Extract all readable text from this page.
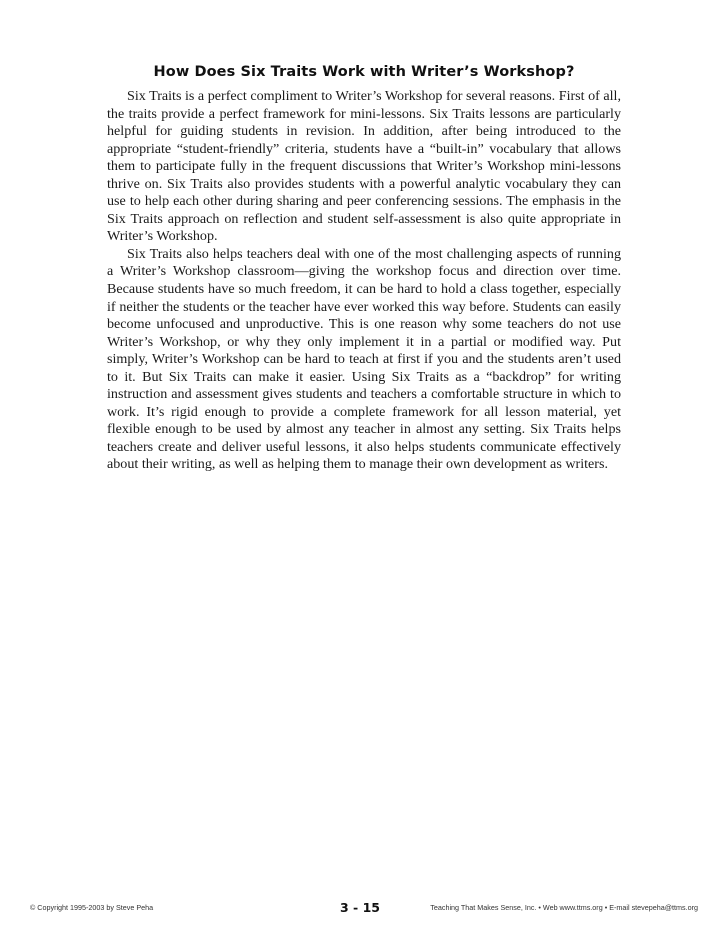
How Does Six Traits Work with Writer’s Workshop?

Six Traits is a perfect compliment to Writer’s Workshop for several reasons. First of all, the traits provide a perfect framework for mini-lessons. Six Traits lessons are particularly helpful for guiding students in revision. In addition, after being introduced to the appropriate “student-friendly” criteria, students have a “built-in” vocabulary that allows them to participate fully in the frequent discussions that Writer’s Workshop mini-lessons thrive on. Six Traits also provides students with a powerful analytic vocabulary they can use to help each other during sharing and peer conferencing sessions. The emphasis in the Six Traits approach on reflection and student self-assessment is also quite appropriate in Writer’s Workshop.

Six Traits also helps teachers deal with one of the most challenging aspects of running a Writer’s Workshop classroom—giving the workshop focus and direction over time. Because students have so much freedom, it can be hard to hold a class together, especially if neither the students or the teacher have ever worked this way before. Students can easily become unfocused and unproductive. This is one reason why some teachers do not use Writer’s Workshop, or why they only implement it in a partial or modified way. Put simply, Writer’s Workshop can be hard to teach at first if you and the students aren’t used to it. But Six Traits can make it easier. Using Six Traits as a “backdrop” for writing instruction and assessment gives students and teachers a comfortable structure in which to work. It’s rigid enough to provide a complete framework for all lesson material, yet flexible enough to be used by almost any teacher in almost any setting. Six Traits helps teachers create and deliver useful lessons, it also helps students communicate effectively about their writing, as well as helping them to manage their own development as writers.

© Copyright 1995-2003 by Steve Peha	3 - 15	Teaching That Makes Sense, Inc. • Web www.ttms.org • E-mail stevepeha@ttms.org
